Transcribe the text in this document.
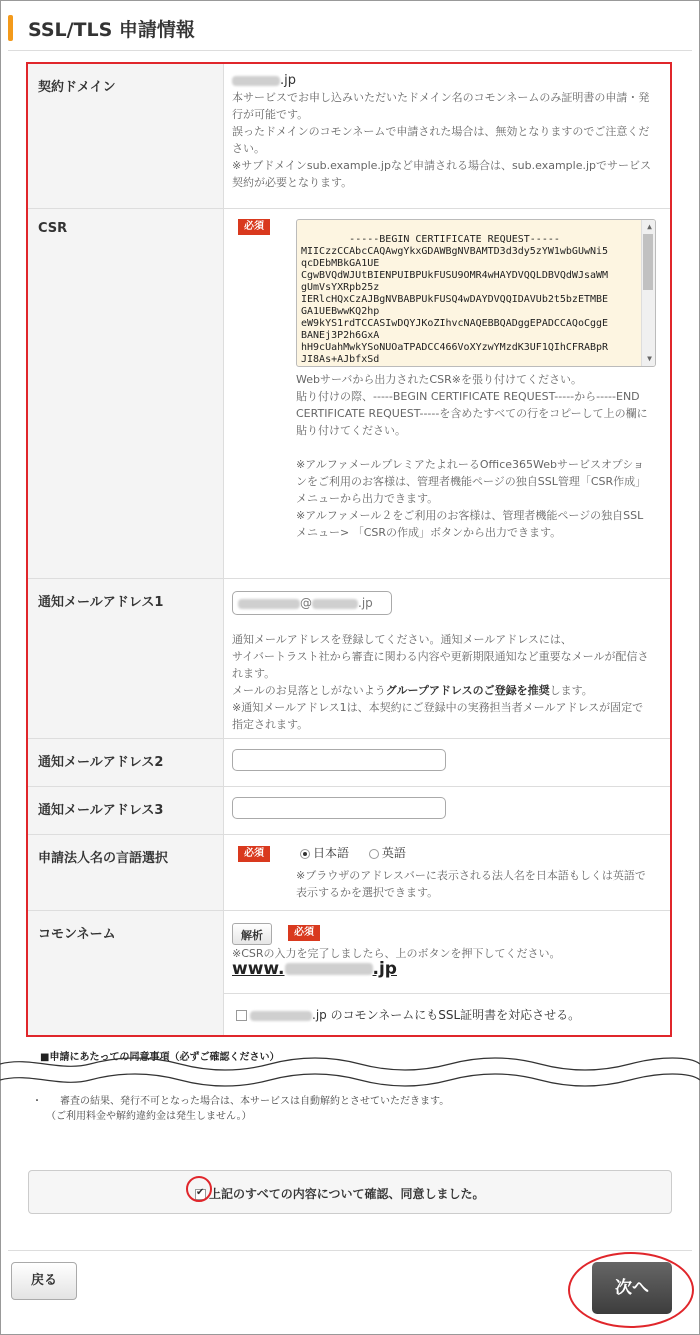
SSL/TLS 申請情報
契約ドメイン	.jp
本サービスでお申し込みいただいたドメイン名のコモンネームのみ証明書の申請・発
行が可能です。
誤ったドメインのコモンネームで申請された場合は、無効となりますのでご注意くだ
さい。
※サブドメインsub.example.jpなど申請される場合は、sub.example.jpでサービス
契約が必要となります。
CSR	必須

-----BEGIN CERTIFICATE REQUEST-----
MIICzzCCAbcCAQAwgYkxGDAWBgNVBAMTD3d3dy5zYW1wbGUwNi5
qcDEbMBkGA1UE
CgwBVQdWJUtBIENPUIBPUkFUSU9OMR4wHAYDVQQLDBVQdWJsaWM
gUmVsYXRpb25z
IERlcHQxCzAJBgNVBABPUkFUSQ4wDAYDVQQIDAVUb2t5bzETMBE
GA1UEBwwKQ2hp
eW9kYS1rdTCCASIwDQYJKoZIhvcNAQEBBQADggEPADCCAQoCggE
BANEj3P2h6GxA
hH9cUahMwkYSoNUOaTPADCC466VoXYzwYMzdK3UF1QIhCFRABpR
JI8As+AJbfxSd

▲

▼

Webサーバから出力されたCSR※を張り付けてください。
貼り付けの際、-----BEGIN CERTIFICATE REQUEST-----から-----END
CERTIFICATE REQUEST-----を含めたすべての行をコピーして上の欄に
貼り付けてください。
※アルファメールプレミアたよれーるOffice365Webサービスオプショ
ンをご利用のお客様は、管理者機能ページの独自SSL管理「CSR作成」
メニューから出力できます。
※アルファメール２をご利用のお客様は、管理者機能ページの独自SSL
メニュー> 「CSRの作成」ボタンから出力できます。
通知メールアドレス1	@	.jp
通知メールアドレスを登録してください。通知メールアドレスには、
サイバートラスト社から審査に関わる内容や更新期限通知など重要なメールが配信さ
れます。
メールのお見落としがないようグループアドレスのご登録を推奨します。
※通知メールアドレス1は、本契約にご登録中の実務担当者メールアドレスが固定で
指定されます。
通知メールアドレス2
通知メールアドレス3
申請法人名の言語選択	必須	日本語	英語
※ブラウザのアドレスバーに表示される法人名を日本語もしくは英語で
表示するかを選択できます。
コモンネーム	解析	必須
※CSRの入力を完了しましたら、上のボタンを押下してください。
www.	.jp
.jp のコモンネームにもSSL証明書を対応させる。
■申請にあたっての同意事項（必ずご確認ください）
・ 審査の結果、発行不可となった場合は、本サービスは自動解約とさせていただきます。
（ご利用料金や解約違約金は発生しません。）
✔上記のすべての内容について確認、同意しました。
戻る	次へ
